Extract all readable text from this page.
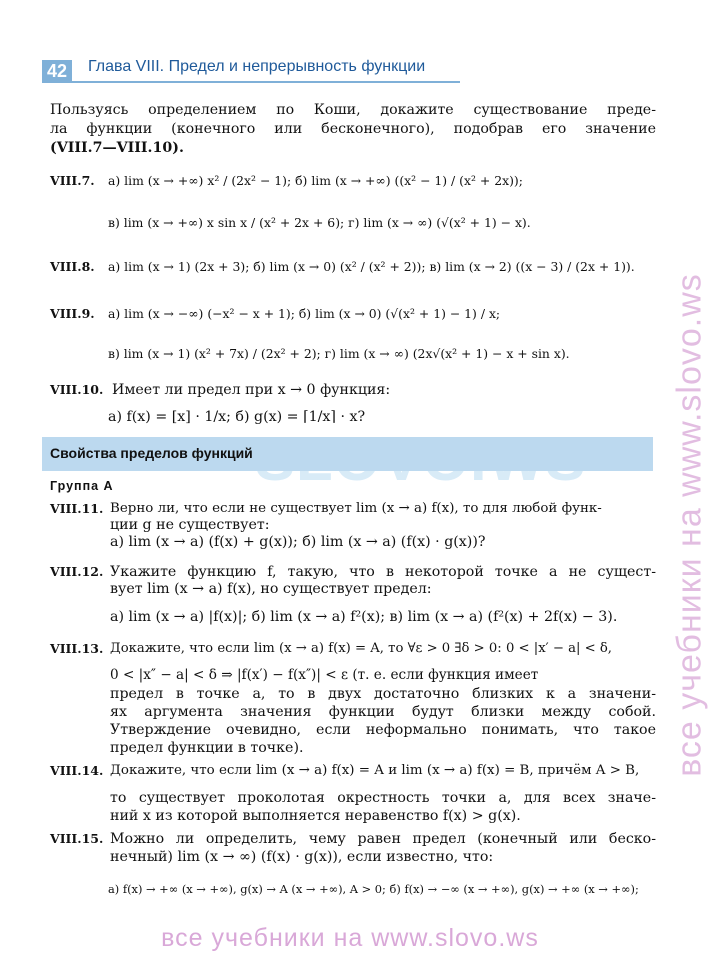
все учебники на www.slovo.ws
42	Глава VIII. Предел и непрерывность функции
Пользуясь определением по Коши, докажите существование преде-
ла функции (конечного или бесконечного), подобрав его значение
(VIII.7—VIII.10).
VIII.7. а) lim (x → +∞) x² / (2x² − 1); б) lim (x → +∞) ((x² − 1) / (x² + 2x));
в) lim (x → +∞) x sin x / (x² + 2x + 6); г) lim (x → ∞) (√(x² + 1) − x).
VIII.8. а) lim (x → 1) (2x + 3); б) lim (x → 0) (x² / (x² + 2)); в) lim (x → 2) ((x − 3) / (2x + 1)).
VIII.9. а) lim (x → −∞) (−x² − x + 1); б) lim (x → 0) (√(x² + 1) − 1) / x;
в) lim (x → 1) (x² + 7x) / (2x² + 2); г) lim (x → ∞) (2x√(x² + 1) − x + sin x).
VIII.10. Имеет ли предел при x → 0 функция:
а) f(x) = [x] · 1/x; б) g(x) = ⌈1/x⌉ · x?
Свойства пределов функций
Группа А
VIII.11. Верно ли, что если не существует lim (x → a) f(x), то для любой функ-
ции g не существует:
а) lim (x → a) (f(x) + g(x)); б) lim (x → a) (f(x) · g(x))?
VIII.12. Укажите функцию f, такую, что в некоторой точке a не сущест-
вует lim (x → a) f(x), но существует предел:
а) lim (x → a) |f(x)|; б) lim (x → a) f²(x); в) lim (x → a) (f²(x) + 2f(x) − 3).
VIII.13. Докажите, что если lim (x → a) f(x) = A, то ∀ε > 0 ∃δ > 0: 0 < |x′ − a| < δ,
0 < |x″ − a| < δ ⇒ |f(x′) − f(x″)| < ε (т. е. если функция имеет
предел в точке a, то в двух достаточно близких к a значени-
ях аргумента значения функции будут близки между собой.
Утверждение очевидно, если неформально понимать, что такое
предел функции в точке).
VIII.14. Докажите, что если lim (x → a) f(x) = A и lim (x → a) f(x) = B, причём A > B,
то существует проколотая окрестность точки a, для всех значе-
ний x из которой выполняется неравенство f(x) > g(x).
VIII.15. Можно ли определить, чему равен предел (конечный или беско-
нечный) lim (x → ∞) (f(x) · g(x)), если известно, что:
а) f(x) → +∞ (x → +∞), g(x) → A (x → +∞), A > 0; б) f(x) → −∞ (x → +∞), g(x) → +∞ (x → +∞);
все учебники на www.slovo.ws
